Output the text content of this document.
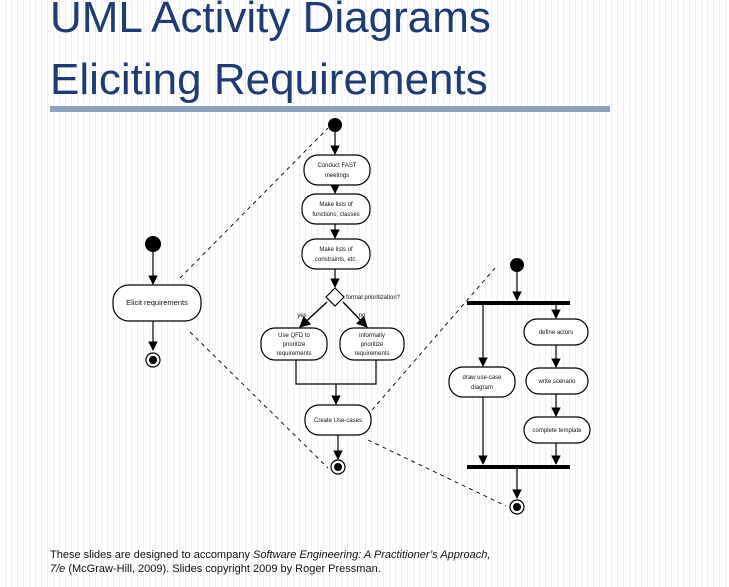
UML Activity Diagrams
Eliciting Requirements
Elicit requirements
Conduct FAST
meetings
Make lists of
functions, classes
Make lists of
constraints, etc.
formal prioritization?
yes	no
Use QFD to
prioritize
requirements
informally
prioritize
requirements
Create Use-cases
define actors
write scenario
complete template
draw use-case
diagram
These slides are designed to accompany Software Engineering: A Practitioner’s Approach,
7/e (McGraw-Hill, 2009). Slides copyright 2009 by Roger Pressman.
